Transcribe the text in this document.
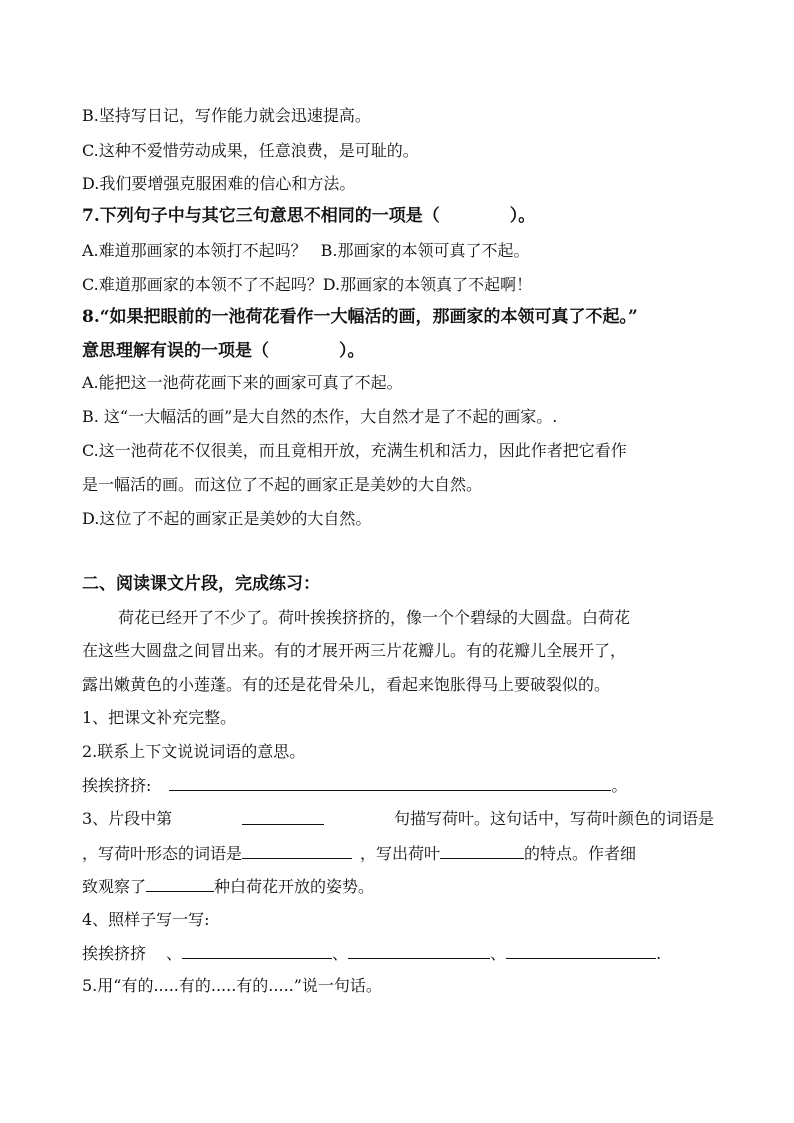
B.坚持写日记，写作能力就会迅速提高。
C.这种不爱惜劳动成果，任意浪费，是可耻的。
D.我们要增强克服困难的信心和方法。
7.下列句子中与其它三句意思不相同的一项是（	）。
A.难道那画家的本领打不起吗？ B.那画家的本领可真了不起。
C.难道那画家的本领不了不起吗？D.那画家的本领真了不起啊！
8.“如果把眼前的一池荷花看作一大幅活的画，那画家的本领可真了不起。”
意思理解有误的一项是（	）。
A.能把这一池荷花画下来的画家可真了不起。
B. 这“一大幅活的画”是大自然的杰作，大自然才是了不起的画家。.
C.这一池荷花不仅很美，而且竟相开放，充满生机和活力，因此作者把它看作
是一幅活的画。而这位了不起的画家正是美妙的大自然。
D.这位了不起的画家正是美妙的大自然。
二、阅读课文片段，完成练习：
荷花已经开了不少了。荷叶挨挨挤挤的，像一个个碧绿的大圆盘。白荷花
在这些大圆盘之间冒出来。有的才展开两三片花瓣儿。有的花瓣儿全展开了，
露出嫩黄色的小莲蓬。有的还是花骨朵儿，看起来饱胀得马上要破裂似的。
1、把课文补充完整。
2.联系上下文说说词语的意思。
挨挨挤挤:	。
3、片段中第	句描写荷叶。这句话中，写荷叶颜色的词语是
，写荷叶形态的词语是	，写出荷叶	的特点。作者细
致观察了	种白荷花开放的姿势。
4、照样子写一写:
挨挨挤挤 、	、	、	.
5.用“有的.....有的.....有的.....”说一句话。
